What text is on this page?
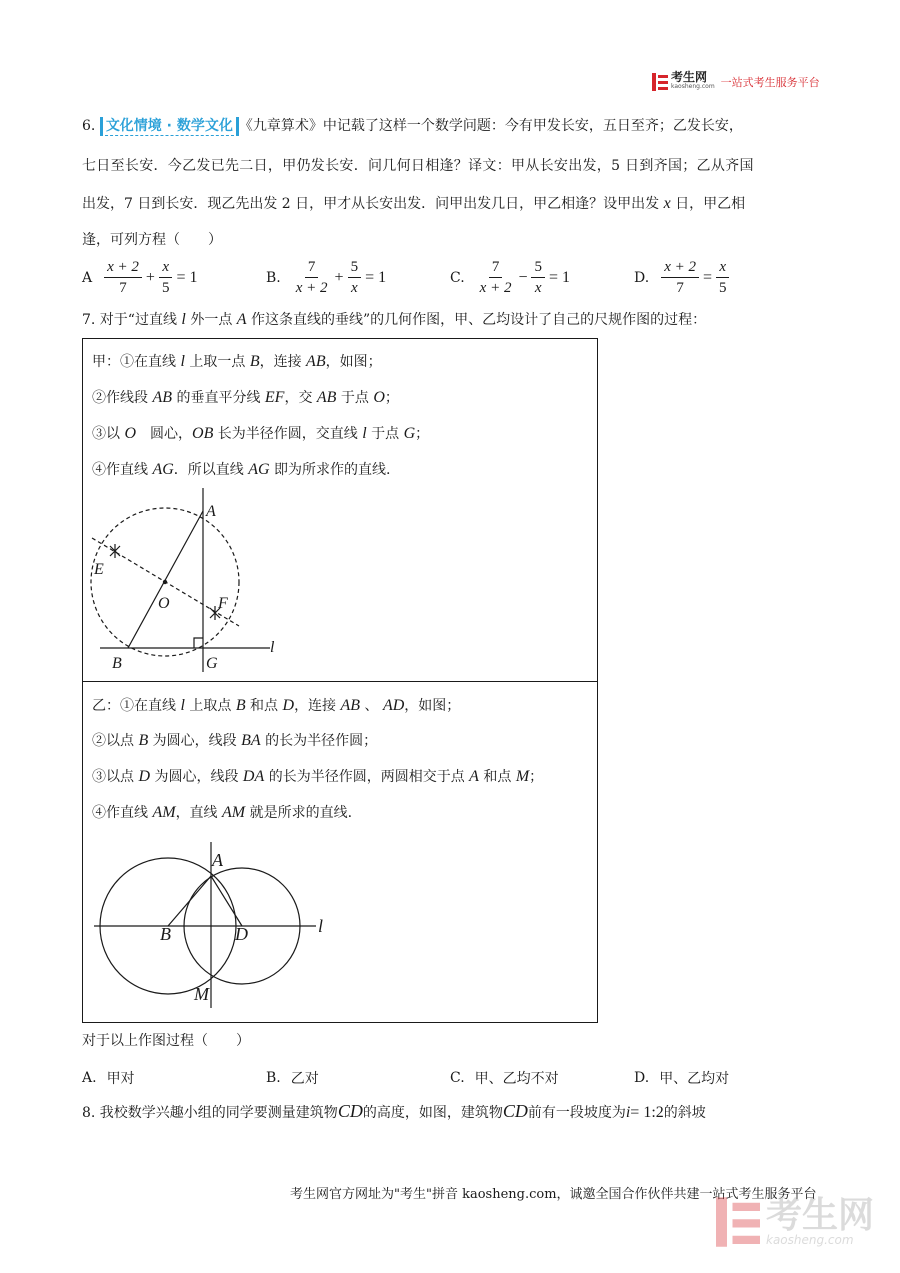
考生网
kaosheng.com 一站式考生服务平台
6. 文化情境 · 数学文化 《九章算术》中记载了这样一个数学问题：今有甲发长安，五日至齐；乙发长安，
七日至长安．今乙发已先二日，甲仍发长安．问几何日相逢？译文：甲从长安出发，5 日到齐国；乙从齐国
出发，7 日到长安．现乙先出发 2 日，甲才从长安出发．问甲出发几日，甲乙相逢？设甲出发 x 日，甲乙相
逢，可列方程（　　）
A $\frac{x + 2}{7} + \frac{x}{5} = 1$	B. $\frac{7}{x + 2} + \frac{5}{x} = 1$	C. $\frac{7}{x + 2} - \frac{5}{x} = 1$	D. $\frac{x + 2}{7} = \frac{x}{5}$
7. 对于“过直线 l 外一点 A 作这条直线的垂线”的几何作图，甲、乙均设计了自己的尺规作图的过程：
甲：①在直线 l 上取一点 B，连接 AB，如图；
②作线段 AB 的垂直平分线 EF，交 AB 于点 O；
③以 O　圆心，OB 长为半径作圆，交直线 l 于点 G；
④作直线 AG．所以直线 AG 即为所求作的直线.
A
E
O	F
B	G
l
乙：①在直线 l 上取点 B 和点 D，连接 AB 、 AD，如图；
②以点 B 为圆心，线段 BA 的长为半径作圆；
③以点 D 为圆心，线段 DA 的长为半径作圆，两圆相交于点 A 和点 M；
④作直线 AM，直线 AM 就是所求的直线.
A
B	D
M
l
对于以上作图过程（　　）
A. 甲对	B. 乙对	C. 甲、乙均不对	D. 甲、乙均对
8. 我校数学兴趣小组的同学要测量建筑物CD的高度，如图，建筑物CD前有一段坡度为i= 1:2的斜坡
考生网官方网址为"考生"拼音 kaosheng.com，诚邀全国合作伙伴共建一站式考生服务平台
考生网
kaosheng.com
